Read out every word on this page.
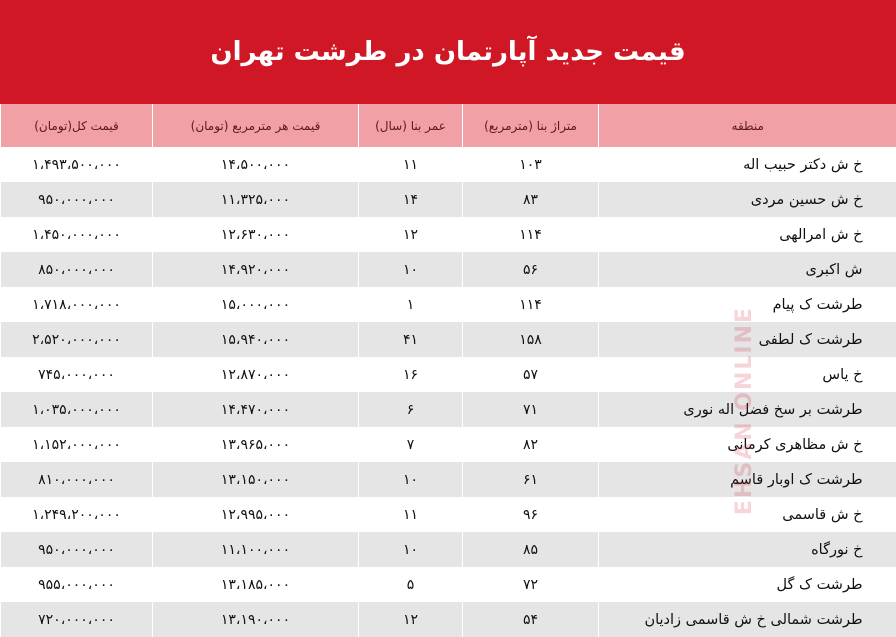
قیمت جدید آپارتمان در طرشت تهران
منطقه	متراژ بنا (مترمربع)	عمر بنا (سال)	قیمت هر مترمربع (تومان)	قیمت کل(تومان)
خ ش دکتر حبیب اله	۱۰۳	۱۱	۱۴،۵۰۰،۰۰۰	۱،۴۹۳،۵۰۰،۰۰۰
خ ش حسین مردی	۸۳	۱۴	۱۱،۳۲۵،۰۰۰	۹۵۰،۰۰۰،۰۰۰
خ ش امرالهی	۱۱۴	۱۲	۱۲،۶۳۰،۰۰۰	۱،۴۵۰،۰۰۰،۰۰۰
ش اکبری	۵۶	۱۰	۱۴،۹۲۰،۰۰۰	۸۵۰،۰۰۰،۰۰۰
طرشت ک پیام	۱۱۴	۱	۱۵،۰۰۰،۰۰۰	۱،۷۱۸،۰۰۰،۰۰۰
طرشت ک لطفی	۱۵۸	۴۱	۱۵،۹۴۰،۰۰۰	۲،۵۲۰،۰۰۰،۰۰۰
خ یاس	۵۷	۱۶	۱۲،۸۷۰،۰۰۰	۷۴۵،۰۰۰،۰۰۰
طرشت بر سخ فضل اله نوری	۷۱	۶	۱۴،۴۷۰،۰۰۰	۱،۰۳۵،۰۰۰،۰۰۰
خ ش مظاهری کرمانی	۸۲	۷	۱۳،۹۶۵،۰۰۰	۱،۱۵۲،۰۰۰،۰۰۰
طرشت ک اوبار قاسم	۶۱	۱۰	۱۳،۱۵۰،۰۰۰	۸۱۰،۰۰۰،۰۰۰
خ ش قاسمی	۹۶	۱۱	۱۲،۹۹۵،۰۰۰	۱،۲۴۹،۲۰۰،۰۰۰
خ نورگاه	۸۵	۱۰	۱۱،۱۰۰،۰۰۰	۹۵۰،۰۰۰،۰۰۰
طرشت ک گل	۷۲	۵	۱۳،۱۸۵،۰۰۰	۹۵۵،۰۰۰،۰۰۰
طرشت شمالی خ ش قاسمی زادیان	۵۴	۱۲	۱۳،۱۹۰،۰۰۰	۷۲۰،۰۰۰،۰۰۰
